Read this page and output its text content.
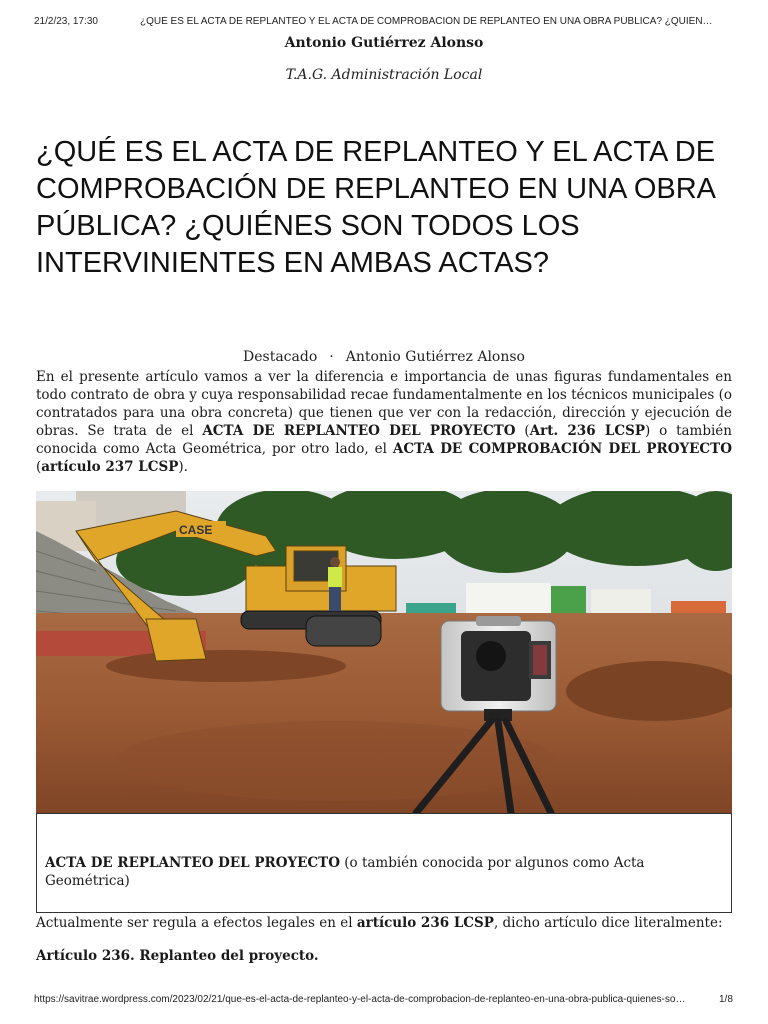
21/2/23, 17:30	¿QUÉ ES EL ACTA DE REPLANTEO Y EL ACTA DE COMPROBACIÓN DE REPLANTEO EN UNA OBRA PÚBLICA? ¿QUIÉN…
Antonio Gutiérrez Alonso
T.A.G. Administración Local
¿QUÉ ES EL ACTA DE REPLANTEO Y EL ACTA DE COMPROBACIÓN DE REPLANTEO EN UNA OBRA PÚBLICA? ¿QUIÉNES SON TODOS LOS INTERVINIENTES EN AMBAS ACTAS?
Destacado · Antonio Gutiérrez Alonso

En el presente artículo vamos a ver la diferencia e importancia de unas figuras fundamentales en todo contrato de obra y cuya responsabilidad recae fundamentalmente en los técnicos municipales (o contratados para una obra concreta) que tienen que ver con la redacción, dirección y ejecución de obras. Se trata de el ACTA DE REPLANTEO DEL PROYECTO (Art. 236 LCSP) o también conocida como Acta Geométrica, por otro lado, el ACTA DE COMPROBACIÓN DEL PROYECTO (artículo 237 LCSP).

CASE

ACTA DE REPLANTEO DEL PROYECTO (o también conocida por algunos como Acta Geométrica)

Actualmente ser regula a efectos legales en el artículo 236 LCSP, dicho artículo dice literalmente:

Artículo 236. Replanteo del proyecto.

https://savitrae.wordpress.com/2023/02/21/que-es-el-acta-de-replanteo-y-el-acta-de-comprobacion-de-replanteo-en-una-obra-publica-quienes-so…	1/8
